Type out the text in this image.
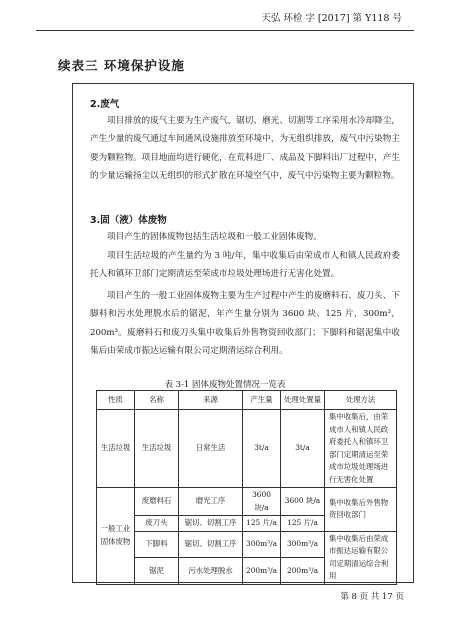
天弘 环检 字 [2017] 第 Y118 号
续表三 环境保护设施
2.废气

项目排放的废气主要为生产废气，锯切、磨光、切割等工序采用水冷却降尘，产生少量的废气通过车间通风设施排放至环境中，为无组织排放，废气中污染物主要为颗粒物。项目地面均进行硬化，在荒料进厂、成品及下脚料出厂过程中，产生的少量运输扬尘以无组织的形式扩散在环境空气中，废气中污染物主要为颗粒物。

3.固（液）体废物

项目产生的固体废物包括生活垃圾和一般工业固体废物。

项目生活垃圾的产生量约为 3 吨/年，集中收集后由荣成市人和镇人民政府委托人和镇环卫部门定期清运至荣成市垃圾处理场进行无害化处置。

项目产生的一般工业固体废物主要为生产过程中产生的废磨料石、废刀头、下脚料和污水处理脱水后的锯泥，年产生量分别为 3600 块、125 片，300m³，200m³。废磨料石和废刀头集中收集后外售物资回收部门；下脚料和锯泥集中收集后由荣成市振达运输有限公司定期清运综合利用。

表 3-1 固体废物处置情况一览表
性质	名称	来源	产生量	处理处置量	处理方法
生活垃圾	生活垃圾	日常生活	3t/a	3t/a	集中收集后，由荣成市人和镇人民政府委托人和镇环卫部门定期清运至荣成市垃圾处理场进行无害化处置
一般工业固体废物	废磨料石	磨光工序	3600 块/a	3600 块/a	集中收集后外售物资回收部门
	废刀头	锯切、切割工序	125 片/a	125 片/a	
	下脚料	锯切、切割工序	300m³/a	300m³/a	集中收集后由荣成市振达运输有限公司定期清运综合利用
	锯泥	污水处理脱水	200m³/a	200m³/a	
第 8 页 共 17 页
